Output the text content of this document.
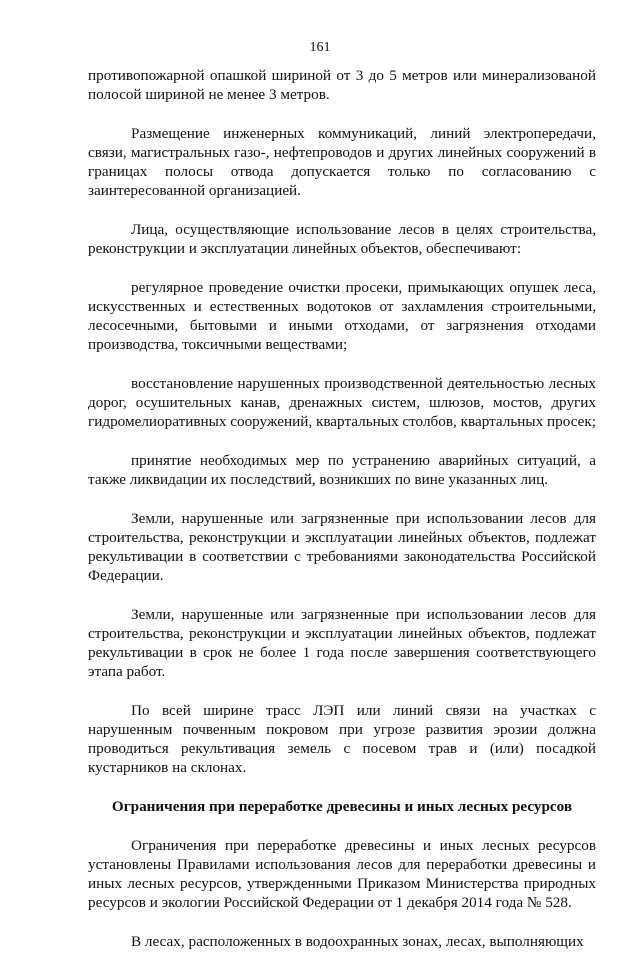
161

противопожарной опашкой шириной от 3 до 5 метров или минерализованой полосой шириной не менее 3 метров.

Размещение инженерных коммуникаций, линий электропередачи, связи, магистральных газо-, нефтепроводов и других линейных сооружений в границах полосы отвода допускается только по согласованию с заинтересованной организацией.

Лица, осуществляющие использование лесов в целях строительства, реконструкции и эксплуатации линейных объектов, обеспечивают:

регулярное проведение очистки просеки, примыкающих опушек леса, искусственных и естественных водотоков от захламления строительными, лесосечными, бытовыми и иными отходами, от загрязнения отходами производства, токсичными веществами;

восстановление нарушенных производственной деятельностью лесных дорог, осушительных канав, дренажных систем, шлюзов, мостов, других гидромелиоративных сооружений, квартальных столбов, квартальных просек;

принятие необходимых мер по устранению аварийных ситуаций, а также ликвидации их последствий, возникших по вине указанных лиц.

Земли, нарушенные или загрязненные при использовании лесов для строительства, реконструкции и эксплуатации линейных объектов, подлежат рекультивации в соответствии с требованиями законодательства Российской Федерации.

Земли, нарушенные или загрязненные при использовании лесов для строительства, реконструкции и эксплуатации линейных объектов, подлежат рекультивации в срок не более 1 года после завершения соответствующего этапа работ.

По всей ширине трасс ЛЭП или линий связи на участках с нарушенным почвенным покровом при угрозе развития эрозии должна проводиться рекультивация земель с посевом трав и (или) посадкой кустарников на склонах.

Ограничения при переработке древесины и иных лесных ресурсов

Ограничения при переработке древесины и иных лесных ресурсов установлены Правилами использования лесов для переработки древесины и иных лесных ресурсов, утвержденными Приказом Министерства природных ресурсов и экологии Российской Федерации от 1 декабря 2014 года № 528.

В лесах, расположенных в водоохранных зонах, лесах, выполняющих
